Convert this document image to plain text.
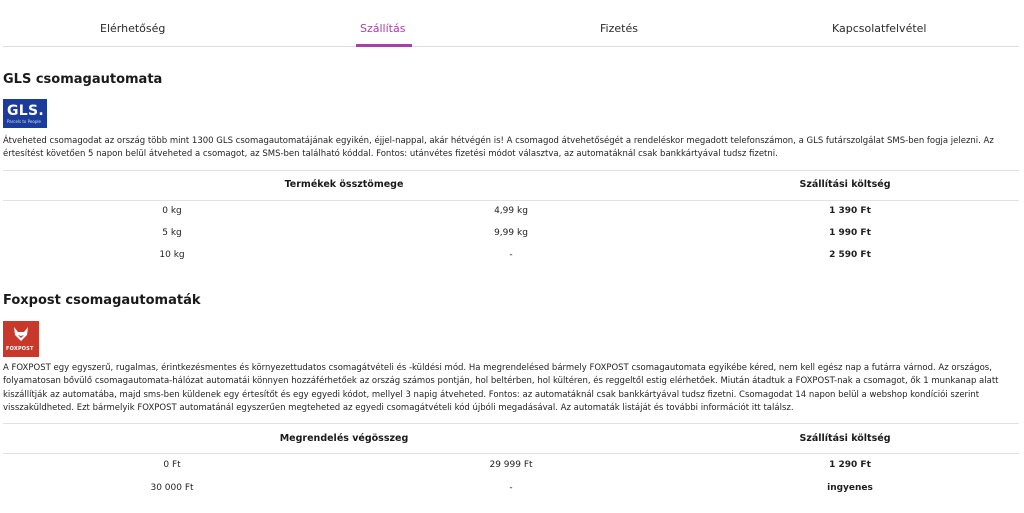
Elérhetőség	Szállítás	Fizetés	Kapcsolatfelvétel
GLS csomagautomata
GLS.
Parcels to People
Átveheted csomagodat az ország több mint 1300 GLS csomagautomatájának egyikén, éjjel-nappal, akár hétvégén is! A csomagod átvehetőségét a rendeléskor megadott telefonszámon, a GLS futárszolgálat SMS-ben fogja jelezni. Az értesítést követően 5 napon belül átveheted a csomagot, az SMS-ben található kóddal. Fontos: utánvétes fizetési módot választva, az automatáknál csak bankkártyával tudsz fizetni.
Termékek össztömege	Szállítási költség
0 kg	4,99 kg	1 390 Ft
5 kg	9,99 kg	1 990 Ft
10 kg	-	2 590 Ft
Foxpost csomagautomaták
FOXPOST
A FOXPOST egy egyszerű, rugalmas, érintkezésmentes és környezettudatos csomagátvételi és -küldési mód. Ha megrendelésed bármely FOXPOST csomagautomata egyikébe kéred, nem kell egész nap a futárra várnod. Az országos, folyamatosan bővülő csomagautomata-hálózat automatái könnyen hozzáférhetőek az ország számos pontján, hol beltérben, hol kültéren, és reggeltől estig elérhetőek. Miután átadtuk a FOXPOST-nak a csomagot, ők 1 munkanap alatt kiszállítják az automatába, majd sms-ben küldenek egy értesítőt és egy egyedi kódot, mellyel 3 napig átveheted. Fontos: az automatáknál csak bankkártyával tudsz fizetni. Csomagodat 14 napon belül a webshop kondíciói szerint visszaküldheted. Ezt bármelyik FOXPOST automatánál egyszerűen megteheted az egyedi csomagátvételi kód újbóli megadásával. Az automaták listáját és további információt itt találsz.
Megrendelés végösszeg	Szállítási költség
0 Ft	29 999 Ft	1 290 Ft
30 000 Ft	-	ingyenes
